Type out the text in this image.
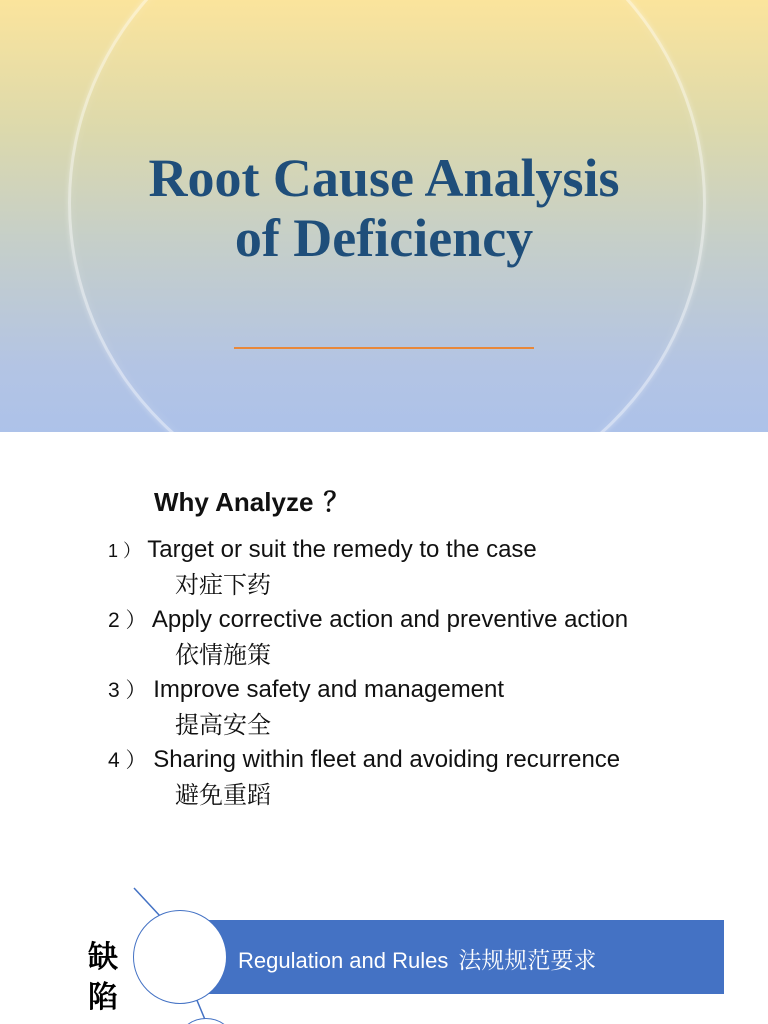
Root Cause Analysis
of Deficiency
Why Analyze ？
1 ） Target or suit the remedy to the case
对症下药
2 ） Apply corrective action and preventive action
依情施策
3 ） Improve safety and management
提高安全
4 ） Sharing within fleet and avoiding recurrence
避免重蹈
Regulation and Rules 法规规范要求
缺陷
